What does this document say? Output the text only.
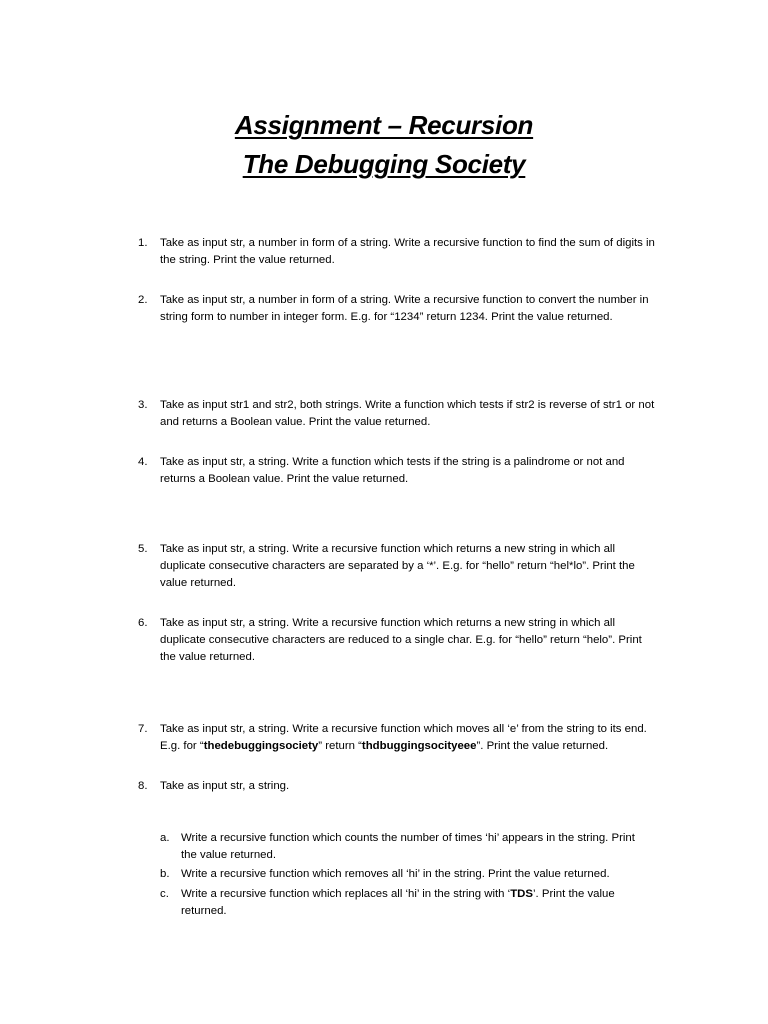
Assignment – Recursion
The Debugging Society
1.	Take as input str, a number in form of a string. Write a recursive function to find the sum of digits in the string. Print the value returned.
2.	Take as input str, a number in form of a string. Write a recursive function to convert the number in string form to number in integer form. E.g. for “1234” return 1234. Print the value returned.
3.	Take as input str1 and str2, both strings. Write a function which tests if str2 is reverse of str1 or not and returns a Boolean value. Print the value returned.
4.	Take as input str, a string. Write a function which tests if the string is a palindrome or not and returns a Boolean value. Print the value returned.
5.	Take as input str, a string. Write a recursive function which returns a new string in which all duplicate consecutive characters are separated by a ‘*’. E.g. for “hello” return “hel*lo”. Print the value returned.
6.	Take as input str, a string. Write a recursive function which returns a new string in which all duplicate consecutive characters are reduced to a single char. E.g. for “hello” return “helo”. Print the value returned.
7.	Take as input str, a string. Write a recursive function which moves all ‘e’ from the string to its end. E.g. for “thedebuggingsociety” return “thdbuggingsocityeee”. Print the value returned.
8.	Take as input str, a string.
a.	Write a recursive function which counts the number of times ‘hi’ appears in the string. Print the value returned.
b.	Write a recursive function which removes all ‘hi’ in the string. Print the value returned.
c.	Write a recursive function which replaces all ‘hi’ in the string with ‘TDS’. Print the value returned.
